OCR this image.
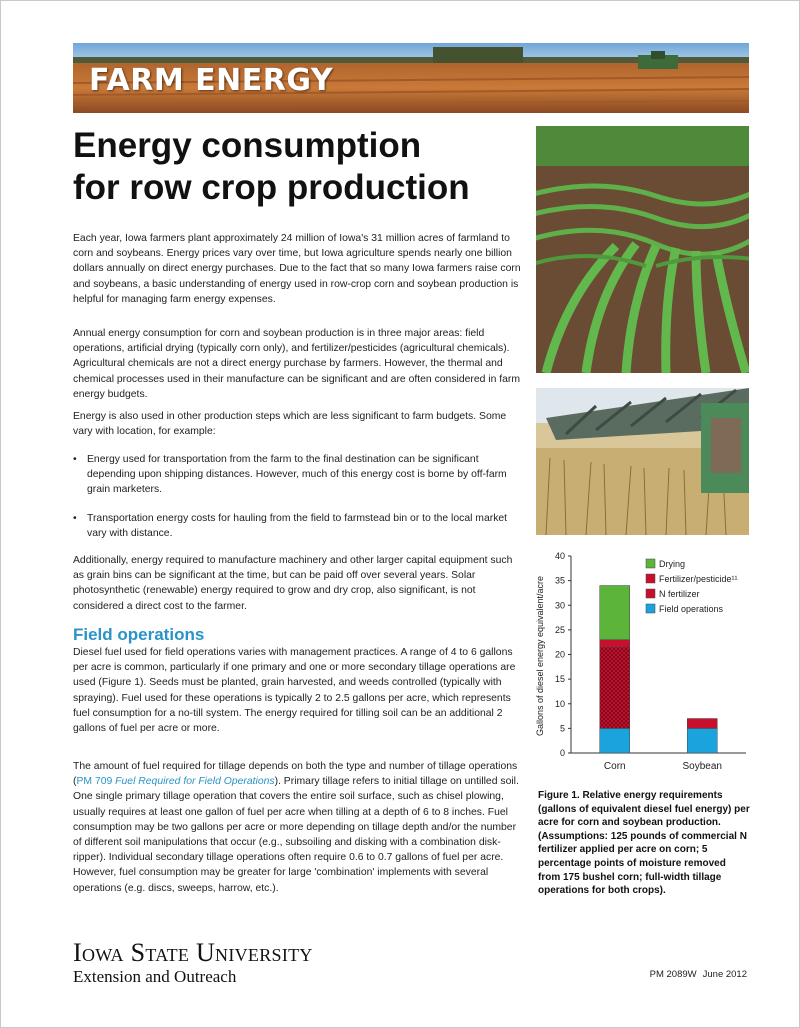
FARM ENERGY
Energy consumption
for row crop production

Each year, Iowa farmers plant approximately 24 million of Iowa's 31 million acres of farmland to corn and soybeans. Energy prices vary over time, but Iowa agriculture spends nearly one billion dollars annually on direct energy purchases. Due to the fact that so many Iowa farmers raise corn and soybeans, a basic understanding of energy used in row-crop corn and soybean production is helpful for managing farm energy expenses.

Annual energy consumption for corn and soybean production is in three major areas: field operations, artificial drying (typically corn only), and fertilizer/pesticides (agricultural chemicals). Agricultural chemicals are not a direct energy purchase by farmers. However, the thermal and chemical processes used in their manufacture can be significant and are often considered in farm energy budgets.

Energy is also used in other production steps which are less significant to farm budgets. Some vary with location, for example:

• Energy used for transportation from the farm to the final destination can be significant depending upon shipping distances. However, much of this energy cost is borne by off-farm grain marketers.

• Transportation energy costs for hauling from the field to farmstead bin or to the local market vary with distance.

Additionally, energy required to manufacture machinery and other larger capital equipment such as grain bins can be significant at the time, but can be paid off over several years. Solar photosynthetic (renewable) energy required to grow and dry crop, also significant, is not considered a direct cost to the farmer.

Field operations

Diesel fuel used for field operations varies with management practices. A range of 4 to 6 gallons per acre is common, particularly if one primary and one or more secondary tillage operations are used (Figure 1). Seeds must be planted, grain harvested, and weeds controlled (typically with spraying). Fuel used for these operations is typically 2 to 2.5 gallons per acre, which represents fuel consumption for a no-till system. The energy required for tilling soil can be an additional 2 gallons of fuel per acre or more.

The amount of fuel required for tillage depends on both the type and number of tillage operations (PM 709 Fuel Required for Field Operations). Primary tillage refers to initial tillage on untilled soil. One single primary tillage operation that covers the entire soil surface, such as chisel plowing, usually requires at least one gallon of fuel per acre when tilling at a depth of 6 to 8 inches. Fuel consumption may be two gallons per acre or more depending on tillage depth and/or the number of different soil manipulations that occur (e.g., subsoiling and disking with a combination disk-ripper). Individual secondary tillage operations often require 0.6 to 0.7 gallons of fuel per acre. However, fuel consumption may be greater for large 'combination' implements with several operations (e.g. discs, sweeps, harrow, etc.).

Gallons of diesel energy equivalent/acre
0
5
10
15
20
25
30
35
40
Corn	Soybean
Drying
Fertilizer/pesticide¹¹
N fertilizer
Field operations

Figure 1. Relative energy requirements (gallons of equivalent diesel fuel energy) per acre for corn and soybean production. (Assumptions: 125 pounds of commercial N fertilizer applied per acre on corn; 5 percentage points of moisture removed from 175 bushel corn; full-width tillage operations for both crops).

Iowa State University
Extension and Outreach	PM 2089W June 2012
